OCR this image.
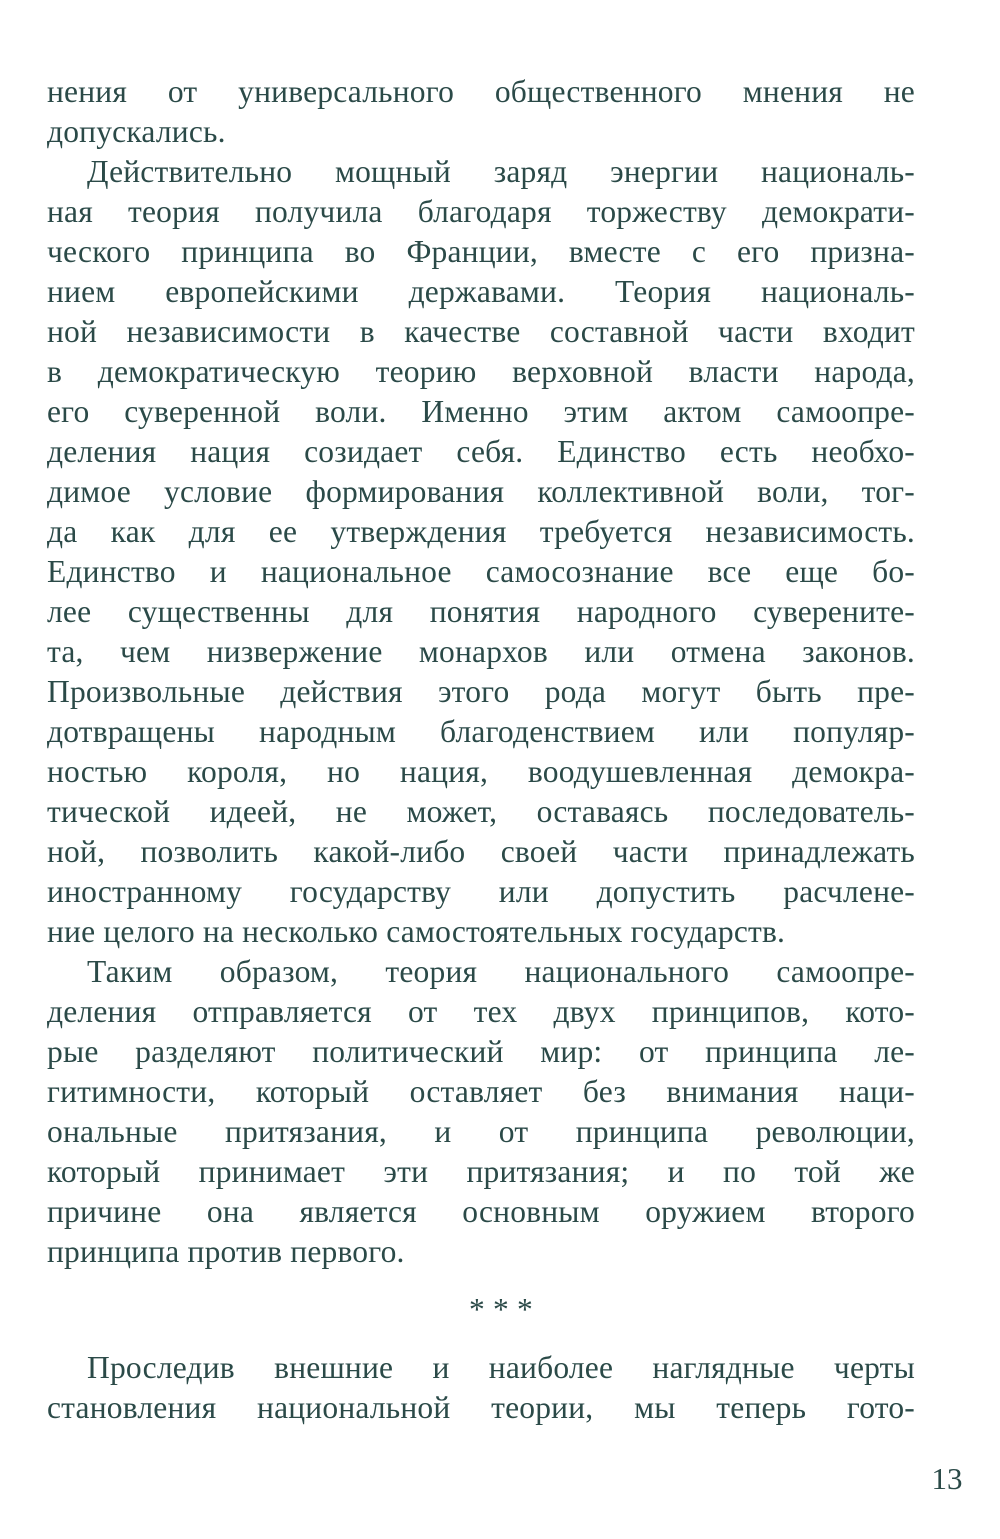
нения от универсального общественного мнения не
допускались.
Действительно мощный заряд энергии националь-
ная теория получила благодаря торжеству демократи-
ческого принципа во Франции, вместе с его призна-
нием европейскими державами. Теория националь-
ной независимости в качестве составной части входит
в демократическую теорию верховной власти народа,
его суверенной воли. Именно этим актом самоопре-
деления нация созидает себя. Единство есть необхо-
димое условие формирования коллективной воли, тог-
да как для ее утверждения требуется независимость.
Единство и национальное самосознание все еще бо-
лее существенны для понятия народного суверените-
та, чем низвержение монархов или отмена законов.
Произвольные действия этого рода могут быть пре-
дотвращены народным благоденствием или популяр-
ностью короля, но нация, воодушевленная демокра-
тической идеей, не может, оставаясь последователь-
ной, позволить какой-либо своей части принадлежать
иностранному государству или допустить расчлене-
ние целого на несколько самостоятельных государств.
Таким образом, теория национального самоопре-
деления отправляется от тех двух принципов, кото-
рые разделяют политический мир: от принципа ле-
гитимности, который оставляет без внимания наци-
ональные притязания, и от принципа революции,
который принимает эти притязания; и по той же
причине она является основным оружием второго
принципа против первого.
* * *
Проследив внешние и наиболее наглядные черты
становления национальной теории, мы теперь гото-
13
